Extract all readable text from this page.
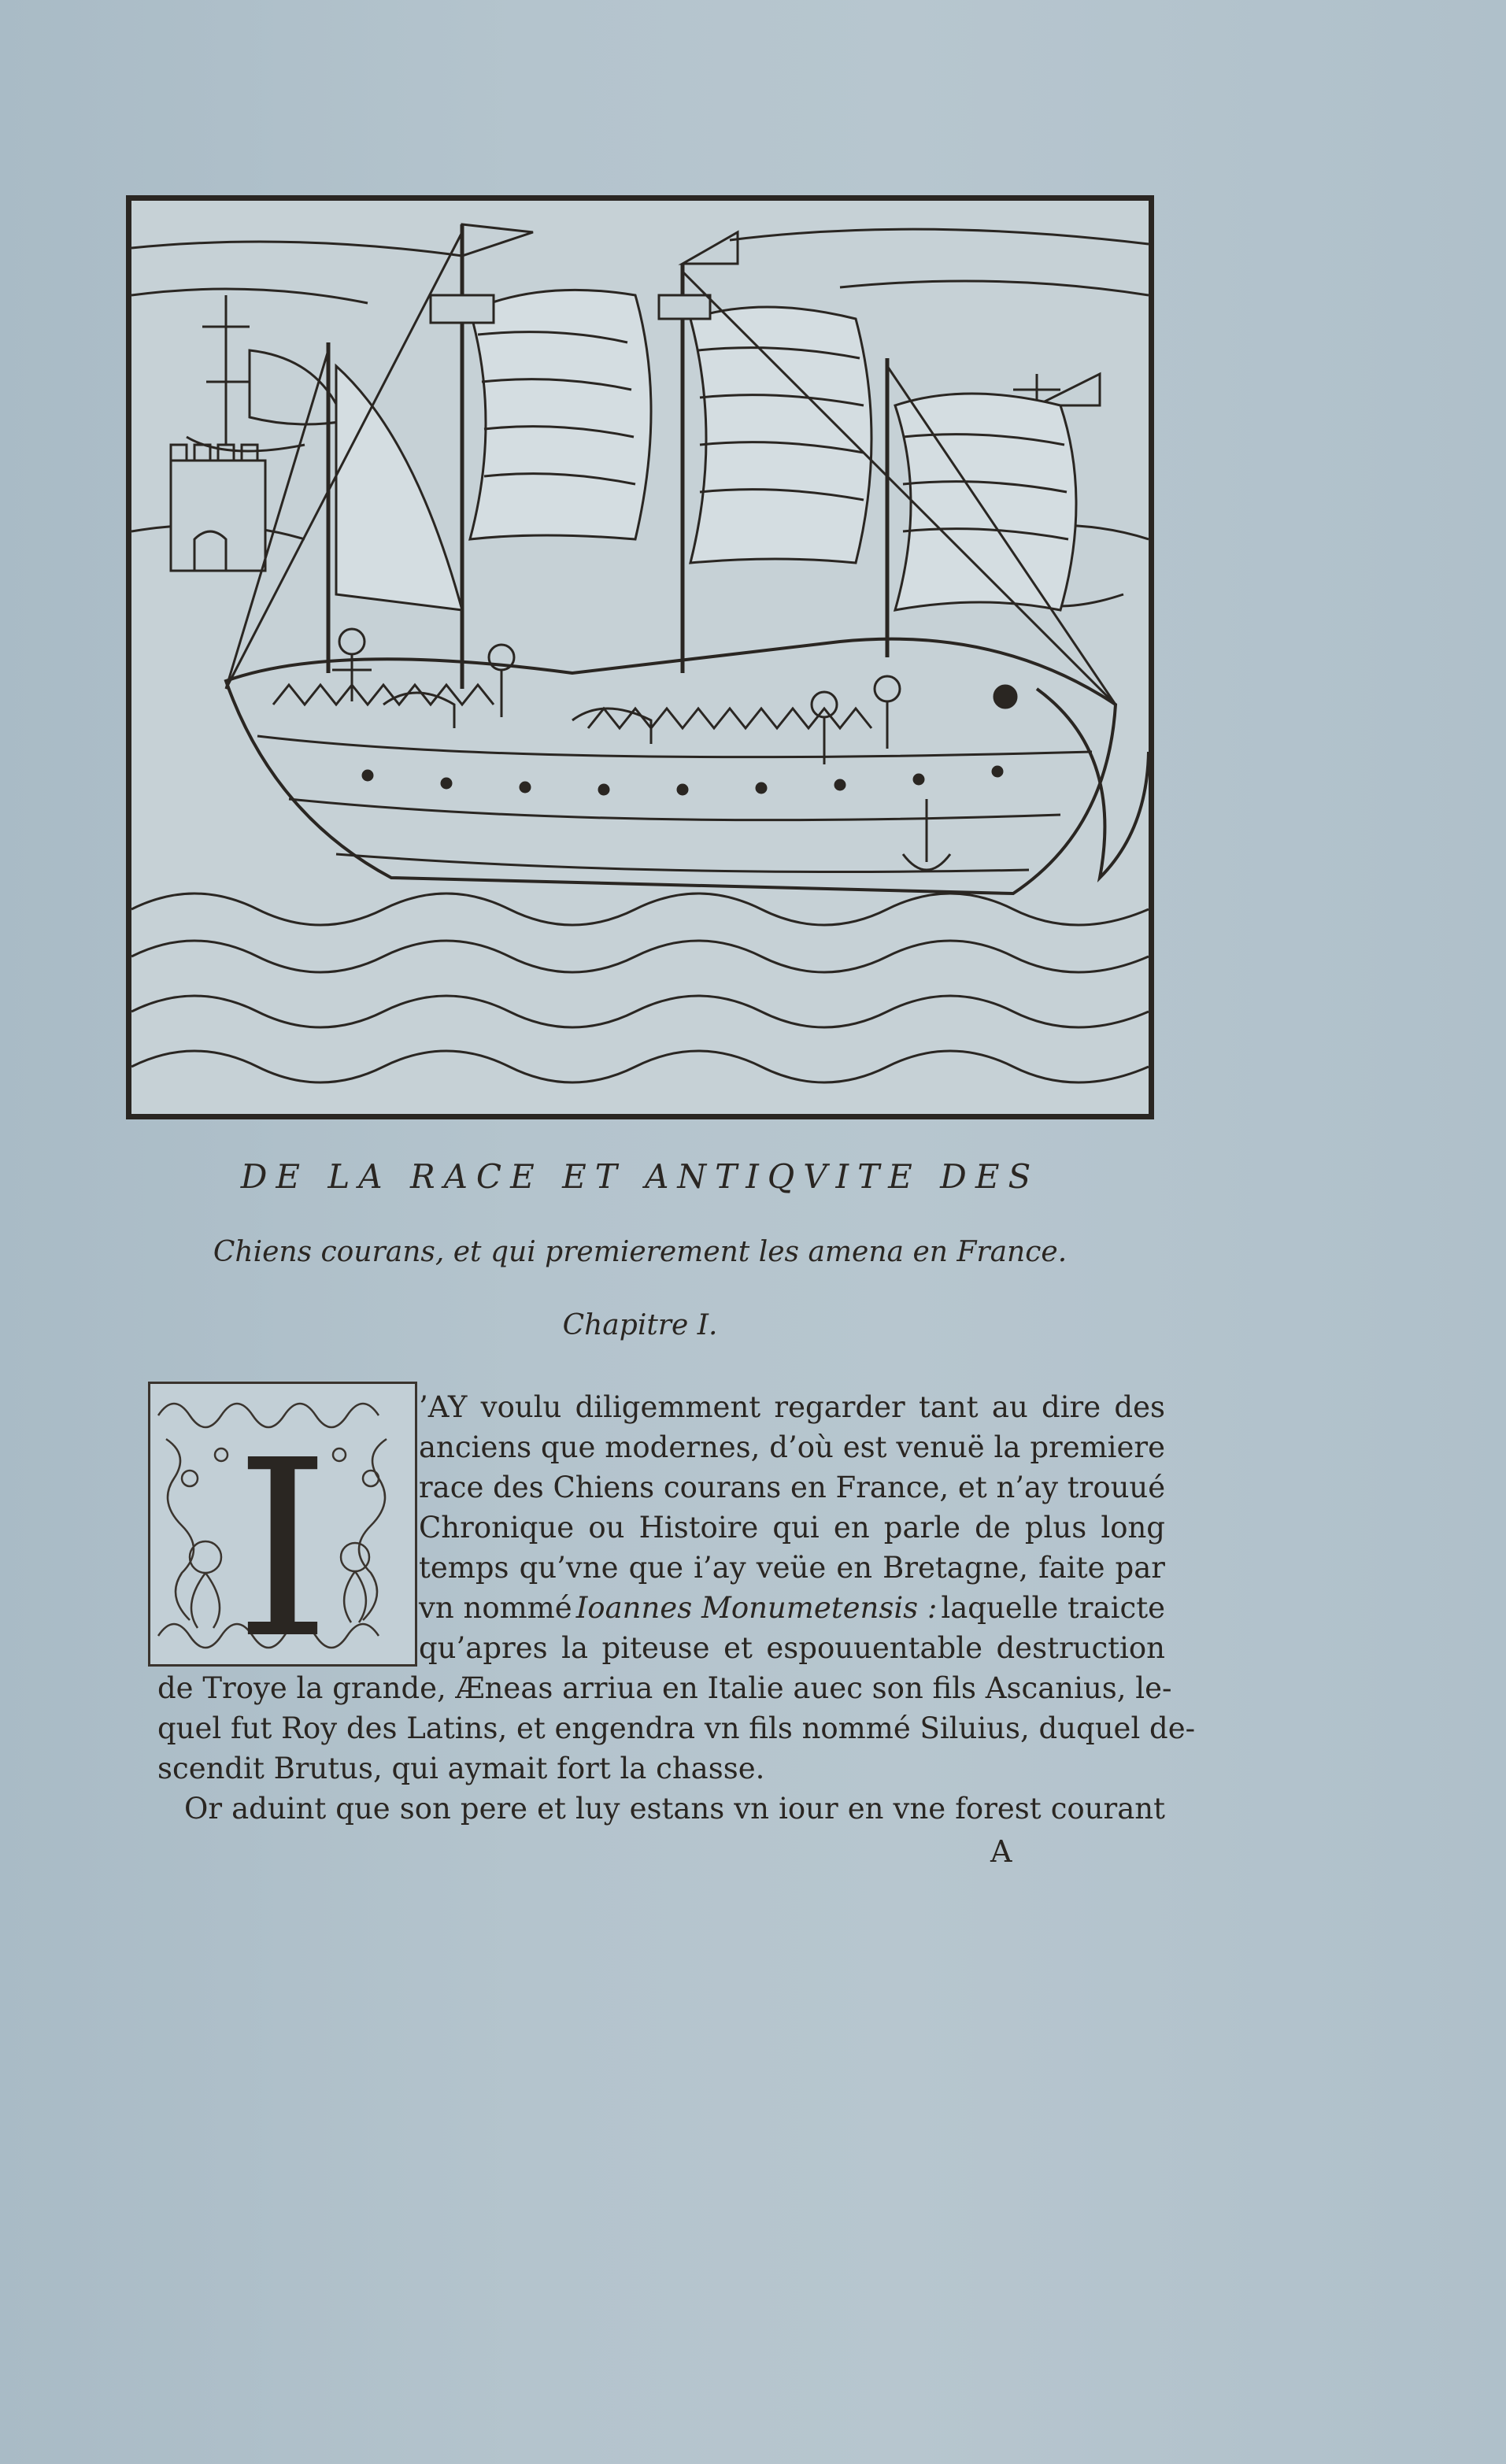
DE LA RACE ET ANTIQVITE DES
Chiens courans, et qui premierement les amena en France.
Chapitre I.
I
’AY voulu diligemment regarder tant au dire des
anciens que modernes, d’où est venuë la premiere
race des Chiens courans en France, et n’ay trouué
Chronique ou Histoire qui en parle de plus long
temps qu’vne que i’ay veüe en Bretagne, faite par
vn nommé Ioannes Monumetensis : laquelle traicte
qu’apres la piteuse et espouuentable destruction
de Troye la grande, Æneas arriua en Italie auec son fils Ascanius, le-
quel fut Roy des Latins, et engendra vn fils nommé Siluius, duquel de-
scendit Brutus, qui aymait fort la chasse.
Or aduint que son pere et luy estans vn iour en vne forest courant
A
